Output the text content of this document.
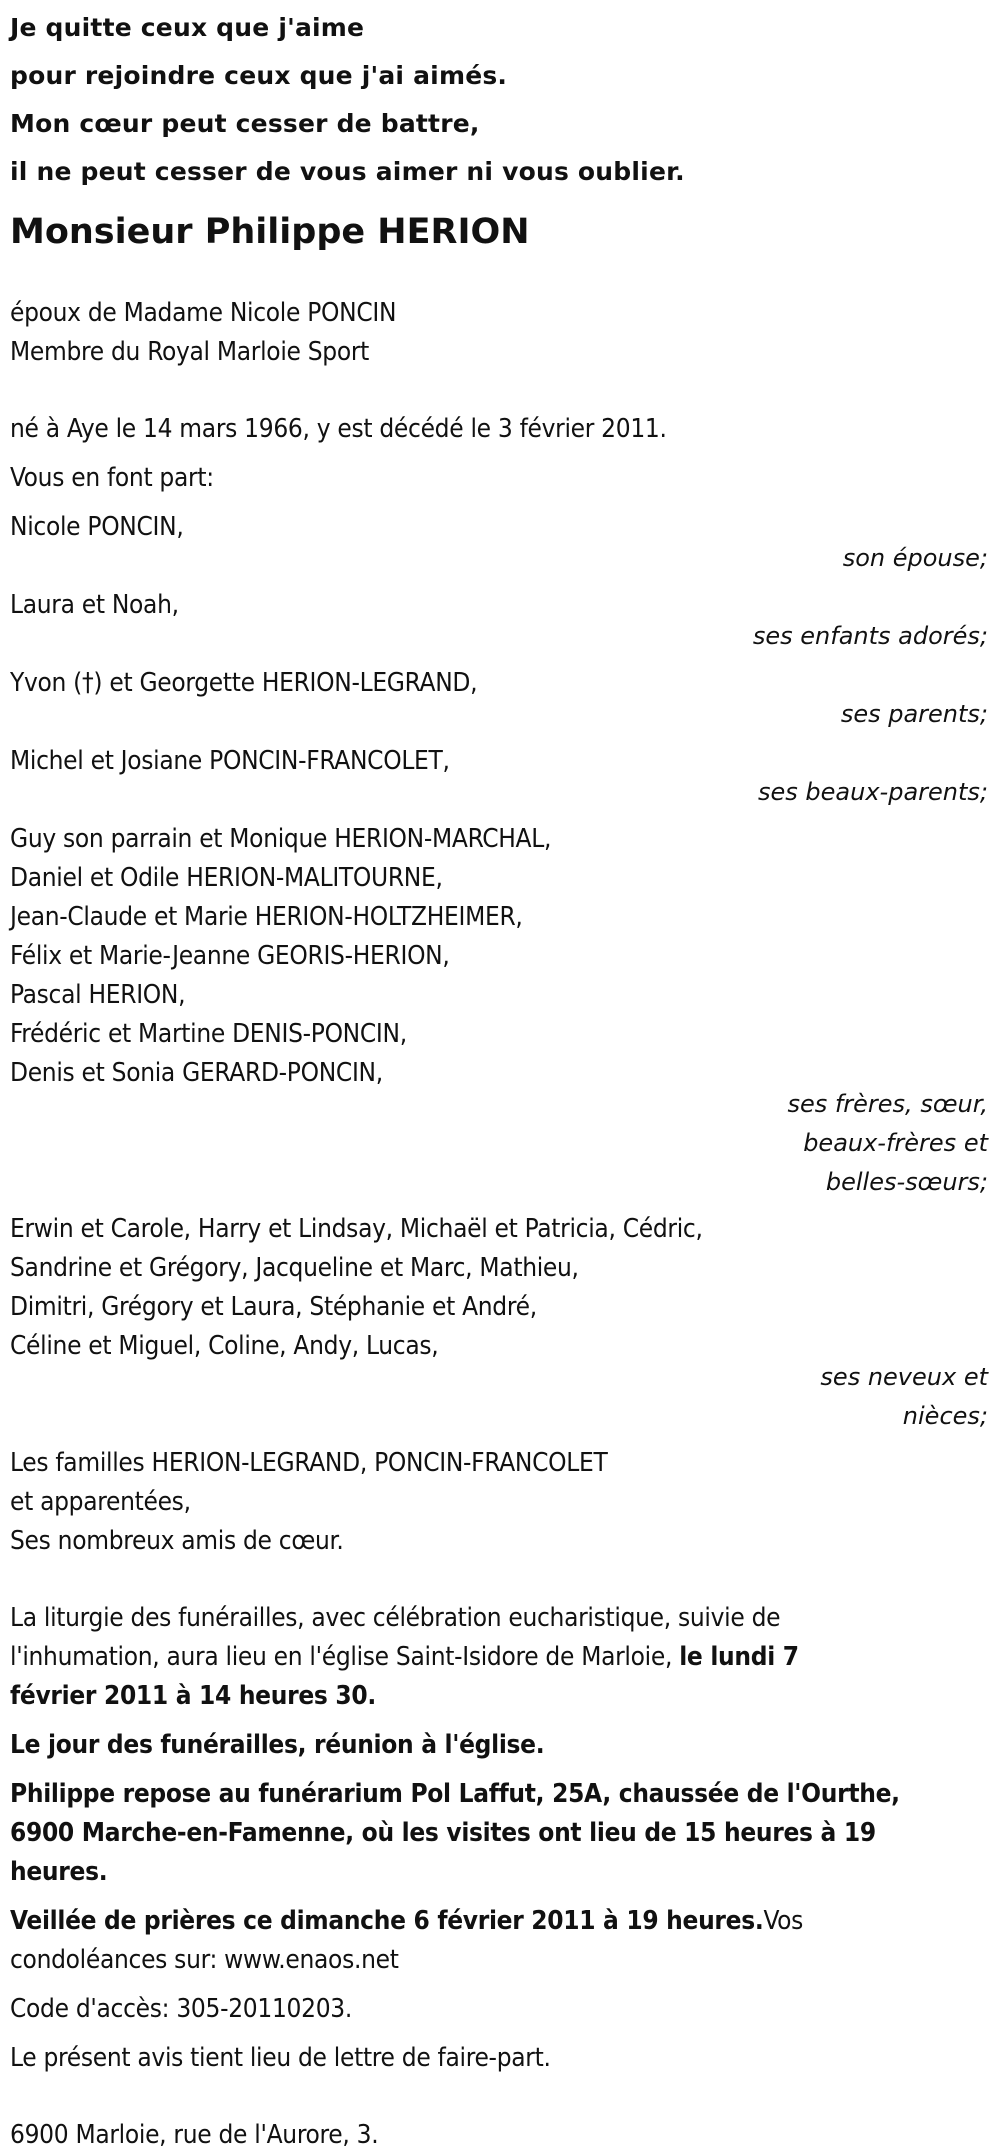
Je quitte ceux que j'aime
pour rejoindre ceux que j'ai aimés.
Mon cœur peut cesser de battre,
il ne peut cesser de vous aimer ni vous oublier.
Monsieur Philippe HERION
époux de Madame Nicole PONCIN
Membre du Royal Marloie Sport
né à Aye le 14 mars 1966, y est décédé le 3 février 2011.
Vous en font part:
Nicole PONCIN,
son épouse;
Laura et Noah,
ses enfants adorés;
Yvon (†) et Georgette HERION-LEGRAND,
ses parents;
Michel et Josiane PONCIN-FRANCOLET,
ses beaux-parents;
Guy son parrain et Monique HERION-MARCHAL,
Daniel et Odile HERION-MALITOURNE,
Jean-Claude et Marie HERION-HOLTZHEIMER,
Félix et Marie-Jeanne GEORIS-HERION,
Pascal HERION,
Frédéric et Martine DENIS-PONCIN,
Denis et Sonia GERARD-PONCIN,
ses frères, sœur,
beaux-frères et
belles-sœurs;
Erwin et Carole, Harry et Lindsay, Michaël et Patricia, Cédric,
Sandrine et Grégory, Jacqueline et Marc, Mathieu,
Dimitri, Grégory et Laura, Stéphanie et André,
Céline et Miguel, Coline, Andy, Lucas,
ses neveux et
nièces;
Les familles HERION-LEGRAND, PONCIN-FRANCOLET
et apparentées,
Ses nombreux amis de cœur.
La liturgie des funérailles, avec célébration eucharistique, suivie de
l'inhumation, aura lieu en l'église Saint-Isidore de Marloie, le lundi 7
février 2011 à 14 heures 30.
Le jour des funérailles, réunion à l'église.
Philippe repose au funérarium Pol Laffut, 25A, chaussée de l'Ourthe,
6900 Marche-en-Famenne, où les visites ont lieu de 15 heures à 19
heures.
Veillée de prières ce dimanche 6 février 2011 à 19 heures.Vos
condoléances sur: www.enaos.net
Code d'accès: 305-20110203.
Le présent avis tient lieu de lettre de faire-part.
6900 Marloie, rue de l'Aurore, 3.
